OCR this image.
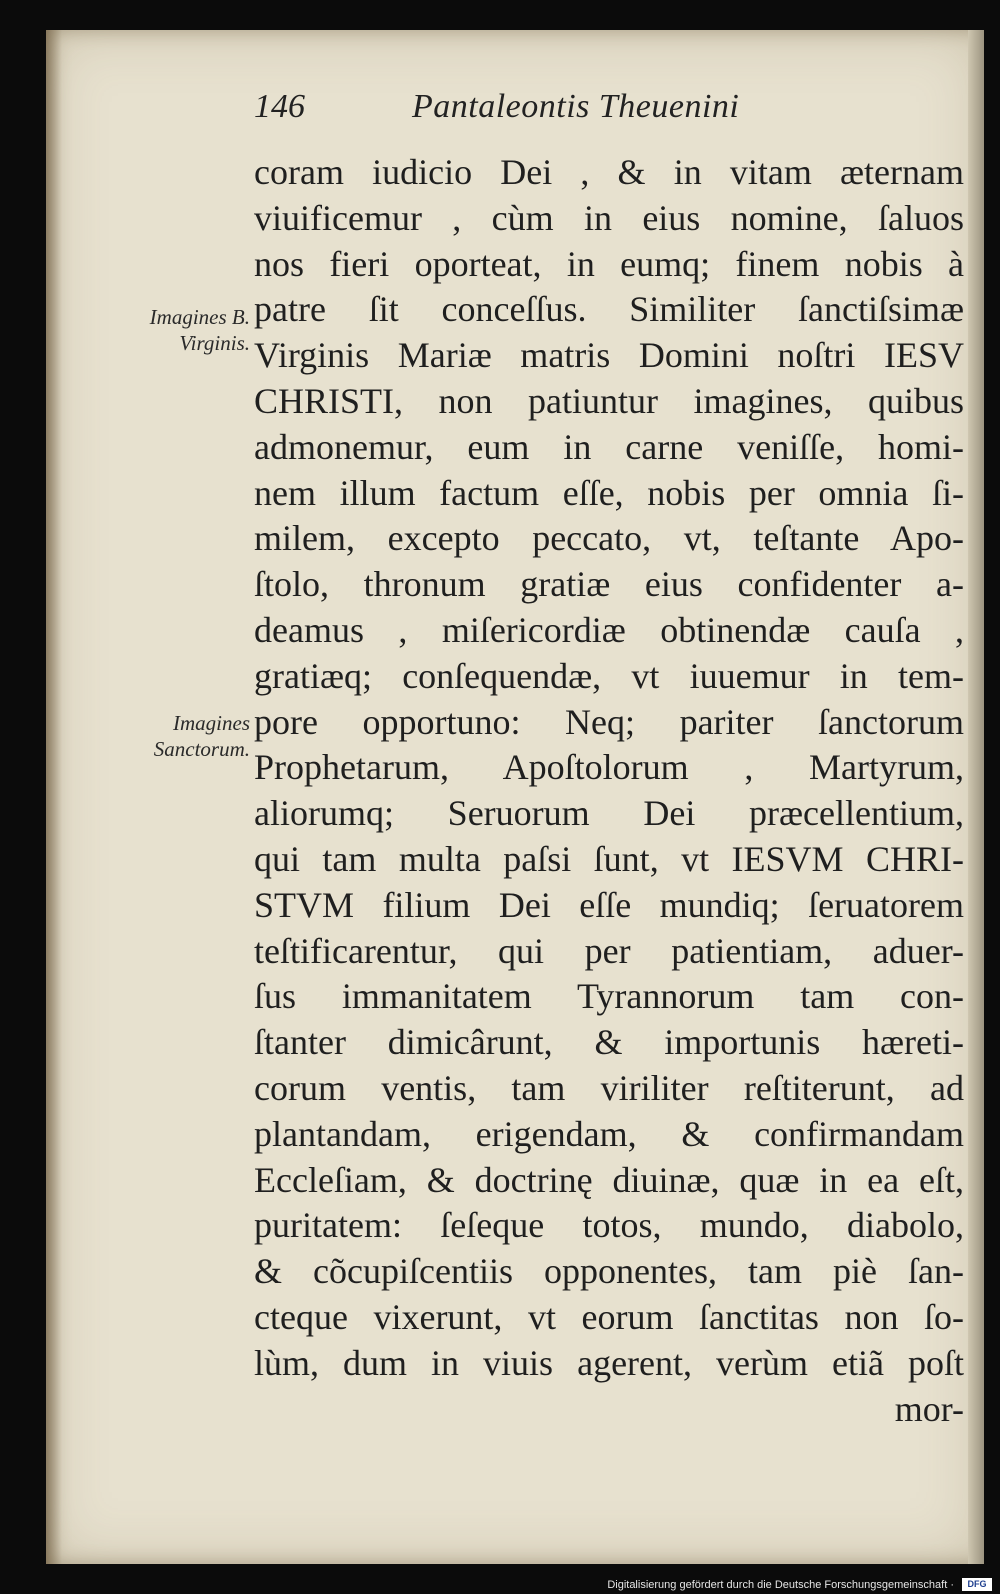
146	Pantaleontis Theuenini
Imagines B.
Virginis.
Imagines
Sanctorum.
coram iudicio Dei , & in vitam æternam
viuificemur , cùm in eius nomine, ſaluos
nos fieri oporteat, in eumq; finem nobis à
patre ſit conceſſus. Similiter ſanctiſsimæ
Virginis Mariæ matris Domini noſtri IESV
CHRISTI, non patiuntur imagines, quibus
admonemur, eum in carne veniſſe, homi-
nem illum factum eſſe, nobis per omnia ſi-
milem, excepto peccato, vt, teſtante Apo-
ſtolo, thronum gratiæ eius confidenter a-
deamus , miſericordiæ obtinendæ cauſa ,
gratiæq; conſequendæ, vt iuuemur in tem-
pore opportuno: Neq; pariter ſanctorum
Prophetarum, Apoſtolorum , Martyrum,
aliorumq; Seruorum Dei præcellentium,
qui tam multa paſsi ſunt, vt IESVM CHRI-
STVM filium Dei eſſe mundiq; ſeruatorem
teſtificarentur, qui per patientiam, aduer-
ſus immanitatem Tyrannorum tam con-
ſtanter dimicârunt, & importunis hæreti-
corum ventis, tam viriliter reſtiterunt, ad
plantandam, erigendam, & confirmandam
Eccleſiam, & doctrinę diuinæ, quæ in ea eſt,
puritatem: ſeſeque totos, mundo, diabolo,
& cõcupiſcentiis opponentes, tam piè ſan-
cteque vixerunt, vt eorum ſanctitas non ſo-
lùm, dum in viuis agerent, verùm etiã poſt
mor-
Digitalisierung gefördert durch die Deutsche Forschungsgemeinschaft ·	DFG
